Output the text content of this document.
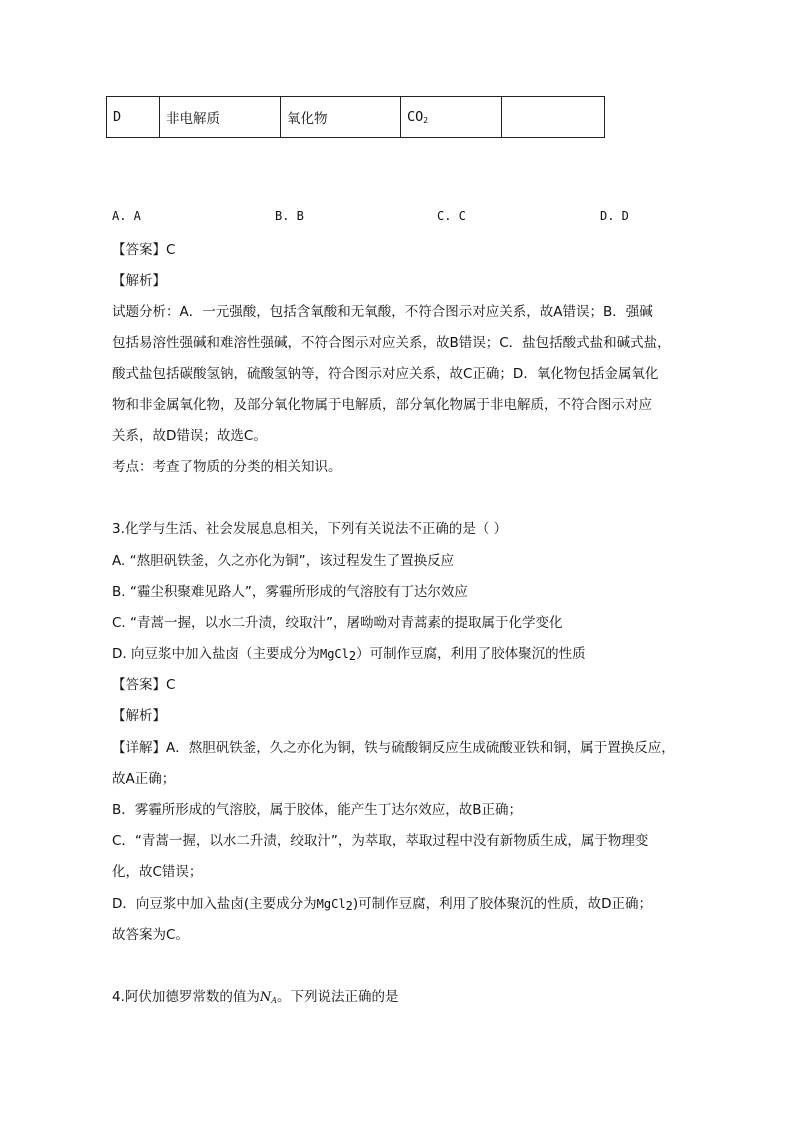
D	非电解质	氧化物	$CO_2$	
A. A	B. B	C. C	D. D
【答案】C
【解析】
试题分析：A．一元强酸，包括含氧酸和无氧酸，不符合图示对应关系，故A错误；B．强碱
包括易溶性强碱和难溶性强碱，不符合图示对应关系，故B错误；C．盐包括酸式盐和碱式盐，
酸式盐包括碳酸氢钠，硫酸氢钠等，符合图示对应关系，故C正确；D．氧化物包括金属氧化
物和非金属氧化物，及部分氧化物属于电解质，部分氧化物属于非电解质，不符合图示对应
关系，故D错误；故选C。
考点：考查了物质的分类的相关知识。
3.化学与生活、社会发展息息相关，下列有关说法不正确的是（ ）
A. “熬胆矾铁釜，久之亦化为铜”，该过程发生了置换反应
B. “霾尘积聚难见路人”，雾霾所形成的气溶胶有丁达尔效应
C. “青蒿一握，以水二升渍，绞取汁”，屠呦呦对青蒿素的提取属于化学变化
D. 向豆浆中加入盐卤（主要成分为MgCl$_2$）可制作豆腐，利用了胶体聚沉的性质
【答案】C
【解析】
【详解】A．熬胆矾铁釜，久之亦化为铜，铁与硫酸铜反应生成硫酸亚铁和铜，属于置换反应，
故A正确；
B．雾霾所形成的气溶胶，属于胶体，能产生丁达尔效应，故B正确；
C．“青蒿一握，以水二升渍，绞取汁”，为萃取，萃取过程中没有新物质生成，属于物理变
化，故C错误；
D．向豆浆中加入盐卤(主要成分为MgCl$_2$)可制作豆腐，利用了胶体聚沉的性质，故D正确；
故答案为C。
4.阿伏加德罗常数的值为$N_A$。下列说法正确的是
